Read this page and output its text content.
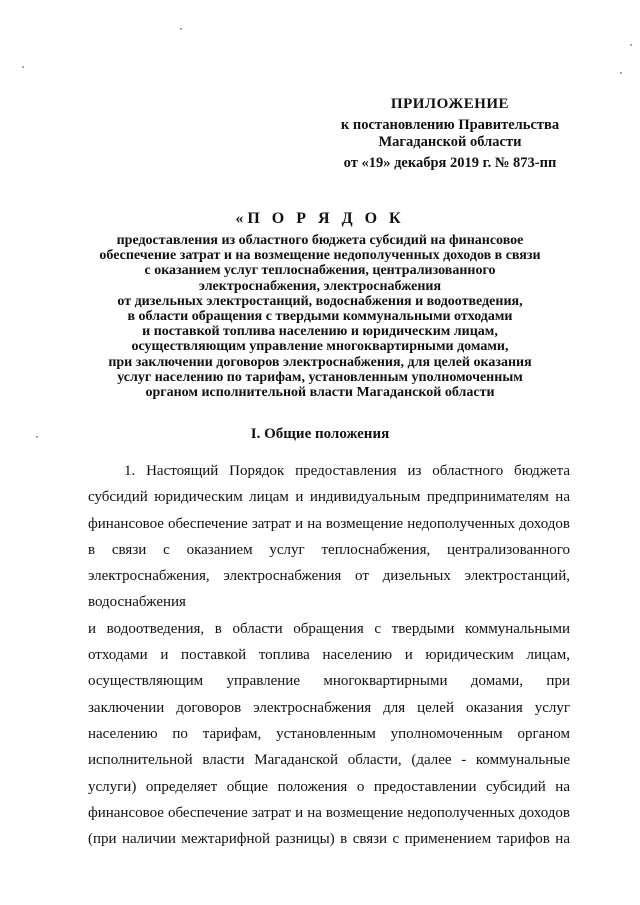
ПРИЛОЖЕНИЕ
к постановлению Правительства
Магаданской области
от «19» декабря 2019 г. № 873-пп
«П О Р Я Д О К
предоставления из областного бюджета субсидий на финансовое
обеспечение затрат и на возмещение недополученных доходов в связи
с оказанием услуг теплоснабжения, централизованного
электроснабжения, электроснабжения
от дизельных электростанций, водоснабжения и водоотведения,
в области обращения с твердыми коммунальными отходами
и поставкой топлива населению и юридическим лицам,
осуществляющим управление многоквартирными домами,
при заключении договоров электроснабжения, для целей оказания
услуг населению по тарифам, установленным уполномоченным
органом исполнительной власти Магаданской области
I. Общие положения
1. Настоящий Порядок предоставления из областного бюджета
субсидий юридическим лицам и индивидуальным предпринимателям на
финансовое обеспечение затрат и на возмещение недополученных доходов
в связи с оказанием услуг теплоснабжения, централизованного
электроснабжения, электроснабжения от дизельных электростанций,
водоснабжения
и водоотведения, в области обращения с твердыми коммунальными
отходами и поставкой топлива населению и юридическим лицам,
осуществляющим управление многоквартирными домами, при
заключении договоров электроснабжения для целей оказания услуг
населению по тарифам, установленным уполномоченным органом
исполнительной власти Магаданской области, (далее - коммунальные
услуги) определяет общие положения о предоставлении субсидий на
финансовое обеспечение затрат и на возмещение недополученных доходов
(при наличии межтарифной разницы) в связи с применением тарифов на
